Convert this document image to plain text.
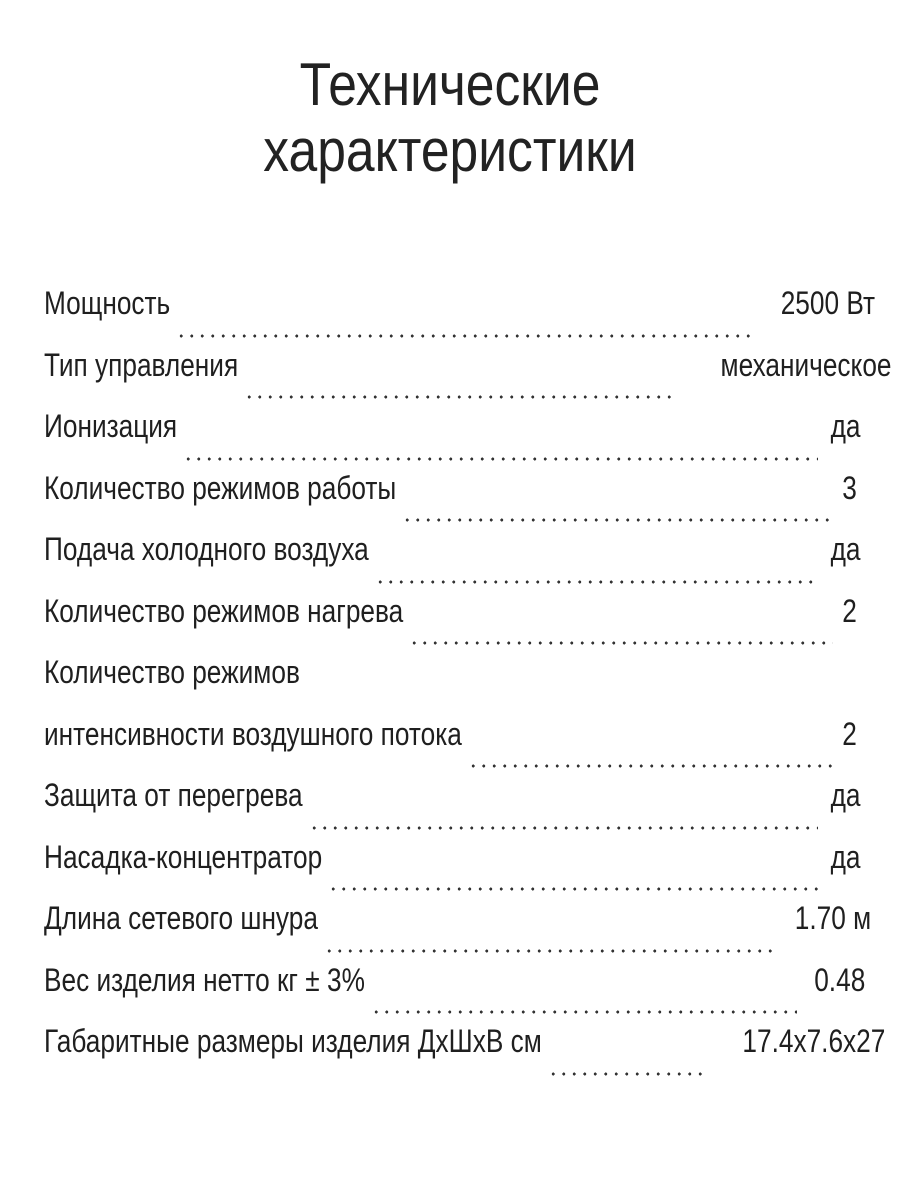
Технические
характеристики
Мощность	2500 Вт
Тип управления	механическое
Ионизация	да
Количество режимов работы	3
Подача холодного воздуха	да
Количество режимов нагрева	2
Количество режимов
интенсивности воздушного потока	2
Защита от перегрева	да
Насадка-концентратор	да
Длина сетевого шнура	1.70 м
Вес изделия нетто кг ± 3%	0.48
Габаритные размеры изделия ДхШхВ см	17.4х7.6х27
